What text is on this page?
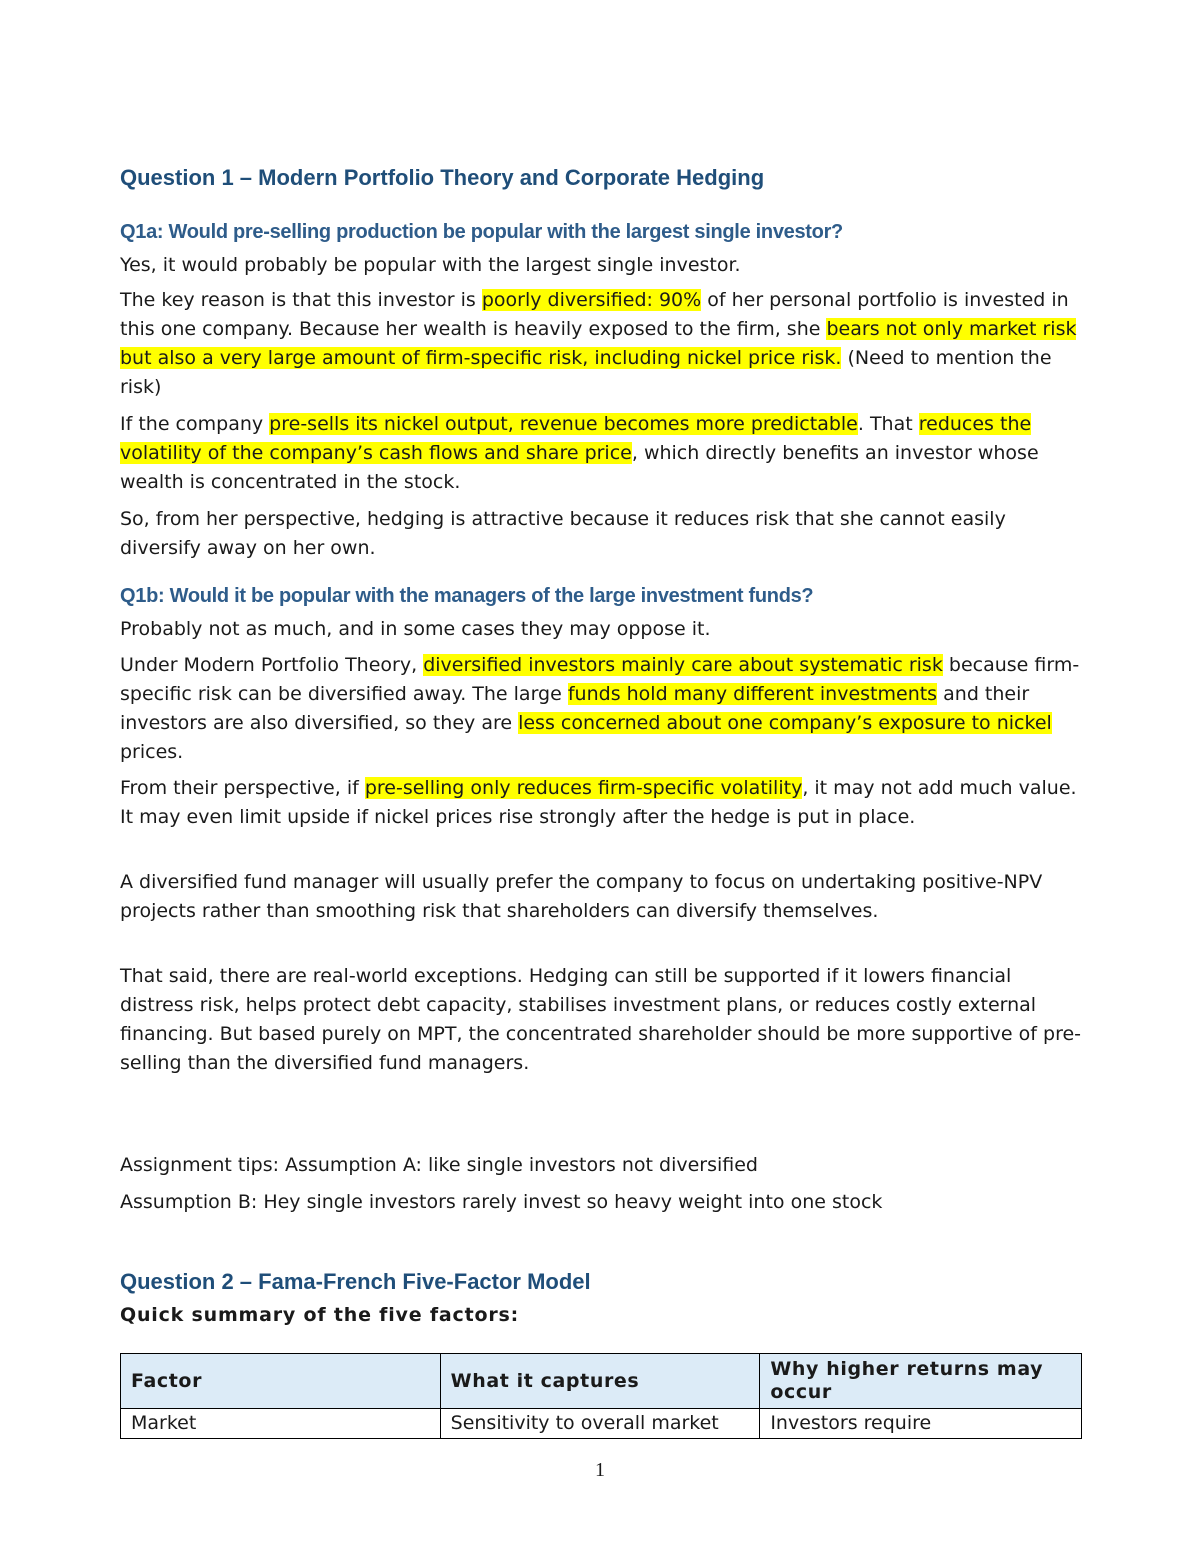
Question 1 – Modern Portfolio Theory and Corporate Hedging
Q1a: Would pre-selling production be popular with the largest single investor?

Yes, it would probably be popular with the largest single investor.

The key reason is that this investor is poorly diversified: 90% of her personal portfolio is invested in this one company. Because her wealth is heavily exposed to the firm, she bears not only market risk but also a very large amount of firm-specific risk, including nickel price risk. (Need to mention the risk)

If the company pre-sells its nickel output, revenue becomes more predictable. That reduces the volatility of the company’s cash flows and share price, which directly benefits an investor whose wealth is concentrated in the stock.

So, from her perspective, hedging is attractive because it reduces risk that she cannot easily diversify away on her own.

Q1b: Would it be popular with the managers of the large investment funds?

Probably not as much, and in some cases they may oppose it.

Under Modern Portfolio Theory, diversified investors mainly care about systematic risk because firm-specific risk can be diversified away. The large funds hold many different investments and their investors are also diversified, so they are less concerned about one company’s exposure to nickel prices.

From their perspective, if pre-selling only reduces firm-specific volatility, it may not add much value. It may even limit upside if nickel prices rise strongly after the hedge is put in place.

A diversified fund manager will usually prefer the company to focus on undertaking positive-NPV projects rather than smoothing risk that shareholders can diversify themselves.

That said, there are real-world exceptions. Hedging can still be supported if it lowers financial distress risk, helps protect debt capacity, stabilises investment plans, or reduces costly external financing. But based purely on MPT, the concentrated shareholder should be more supportive of pre-selling than the diversified fund managers.

Assignment tips: Assumption A: like single investors not diversified

Assumption B: Hey single investors rarely invest so heavy weight into one stock

Question 2 – Fama-French Five-Factor Model
Quick summary of the five factors:
Factor	What it captures	Why higher returns may occur
Market	Sensitivity to overall market	Investors require
1
